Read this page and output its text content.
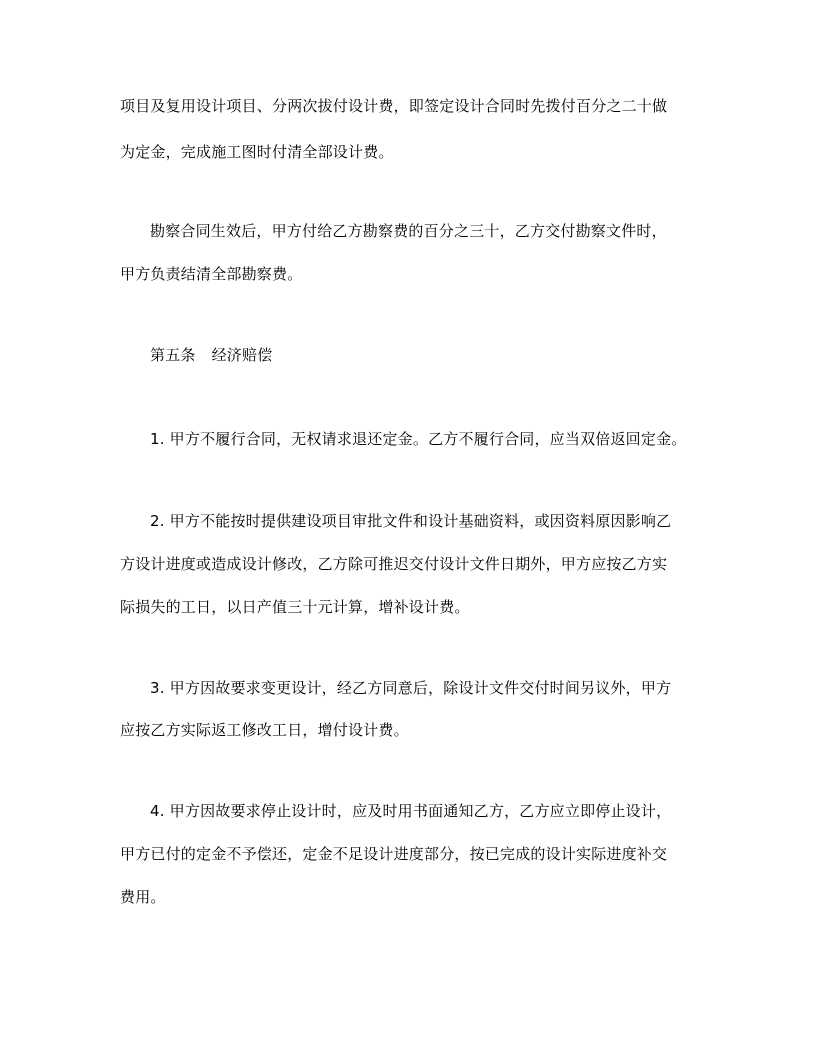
项目及复用设计项目、分两次拔付设计费，即签定设计合同时先拨付百分之二十做
为定金，完成施工图时付清全部设计费。
勘察合同生效后，甲方付给乙方勘察费的百分之三十，乙方交付勘察文件时，
甲方负责结清全部勘察费。
第五条 经济赔偿
1. 甲方不履行合同，无权请求退还定金。乙方不履行合同，应当双倍返回定金。
2. 甲方不能按时提供建设项目审批文件和设计基础资料，或因资料原因影响乙
方设计进度或造成设计修改，乙方除可推迟交付设计文件日期外，甲方应按乙方实
际损失的工日，以日产值三十元计算，增补设计费。
3. 甲方因故要求变更设计，经乙方同意后，除设计文件交付时间另议外，甲方
应按乙方实际返工修改工日，增付设计费。
4. 甲方因故要求停止设计时，应及时用书面通知乙方，乙方应立即停止设计，
甲方已付的定金不予偿还，定金不足设计进度部分，按已完成的设计实际进度补交
费用。
